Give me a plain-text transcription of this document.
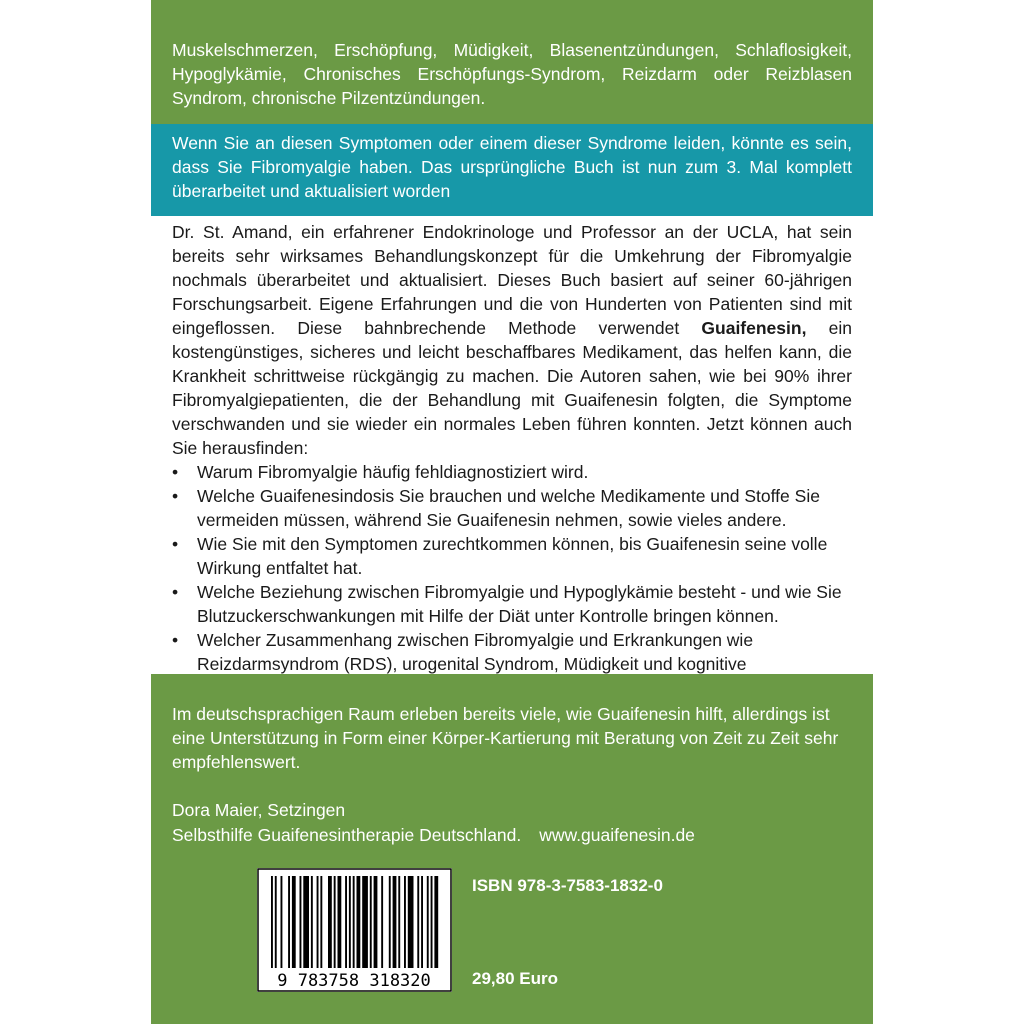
Muskelschmerzen, Erschöpfung, Müdigkeit, Blasenentzündungen, Schlaflosigkeit, Hypoglykämie, Chronisches Erschöpfungs-Syndrom, Reizdarm oder Reizblasen Syndrom, chronische Pilzentzündungen.
Wenn Sie an diesen Symptomen oder einem dieser Syndrome leiden, könnte es sein, dass Sie Fibromyalgie haben. Das ursprüngliche Buch ist nun zum 3. Mal komplett überarbeitet und aktualisiert worden

Dr. St. Amand, ein erfahrener Endokrinologe und Professor an der UCLA, hat sein bereits sehr wirksames Behandlungskonzept für die Umkehrung der Fibromyalgie nochmals überarbeitet und aktualisiert. Dieses Buch basiert auf seiner 60-jährigen Forschungsarbeit. Eigene Erfahrungen und die von Hunderten von Patienten sind mit eingeflossen. Diese bahnbrechende Methode verwendet Guaifenesin, ein kostengünstiges, sicheres und leicht beschaffbares Medikament, das helfen kann, die Krankheit schrittweise rückgängig zu machen. Die Autoren sahen, wie bei 90% ihrer Fibromyalgiepatienten, die der Behandlung mit Guaifenesin folgten, die Symptome verschwanden und sie wieder ein normales Leben führen konnten. Jetzt können auch Sie herausfinden:

• Warum Fibromyalgie häufig fehldiagnostiziert wird.
• Welche Guaifenesindosis Sie brauchen und welche Medikamente und Stoffe Sie vermeiden müssen, während Sie Guaifenesin nehmen, sowie vieles andere.
• Wie Sie mit den Symptomen zurechtkommen können, bis Guaifenesin seine volle Wirkung entfaltet hat.
• Welche Beziehung zwischen Fibromyalgie und Hypoglykämie besteht - und wie Sie Blutzuckerschwankungen mit Hilfe der Diät unter Kontrolle bringen können.
• Welcher Zusammenhang zwischen Fibromyalgie und Erkrankungen wie Reizdarmsyndrom (RDS), urogenital Syndrom, Müdigkeit und kognitive
Im deutschsprachigen Raum erleben bereits viele, wie Guaifenesin hilft, allerdings ist eine Unterstützung in Form einer Körper-Kartierung mit Beratung von Zeit zu Zeit sehr empfehlenswert.
Dora Maier, Setzingen
Selbsthilfe Guaifenesintherapie Deutschland. www.guaifenesin.de
9 783758 318320
ISBN 978-3-7583-1832-0
29,80 Euro
